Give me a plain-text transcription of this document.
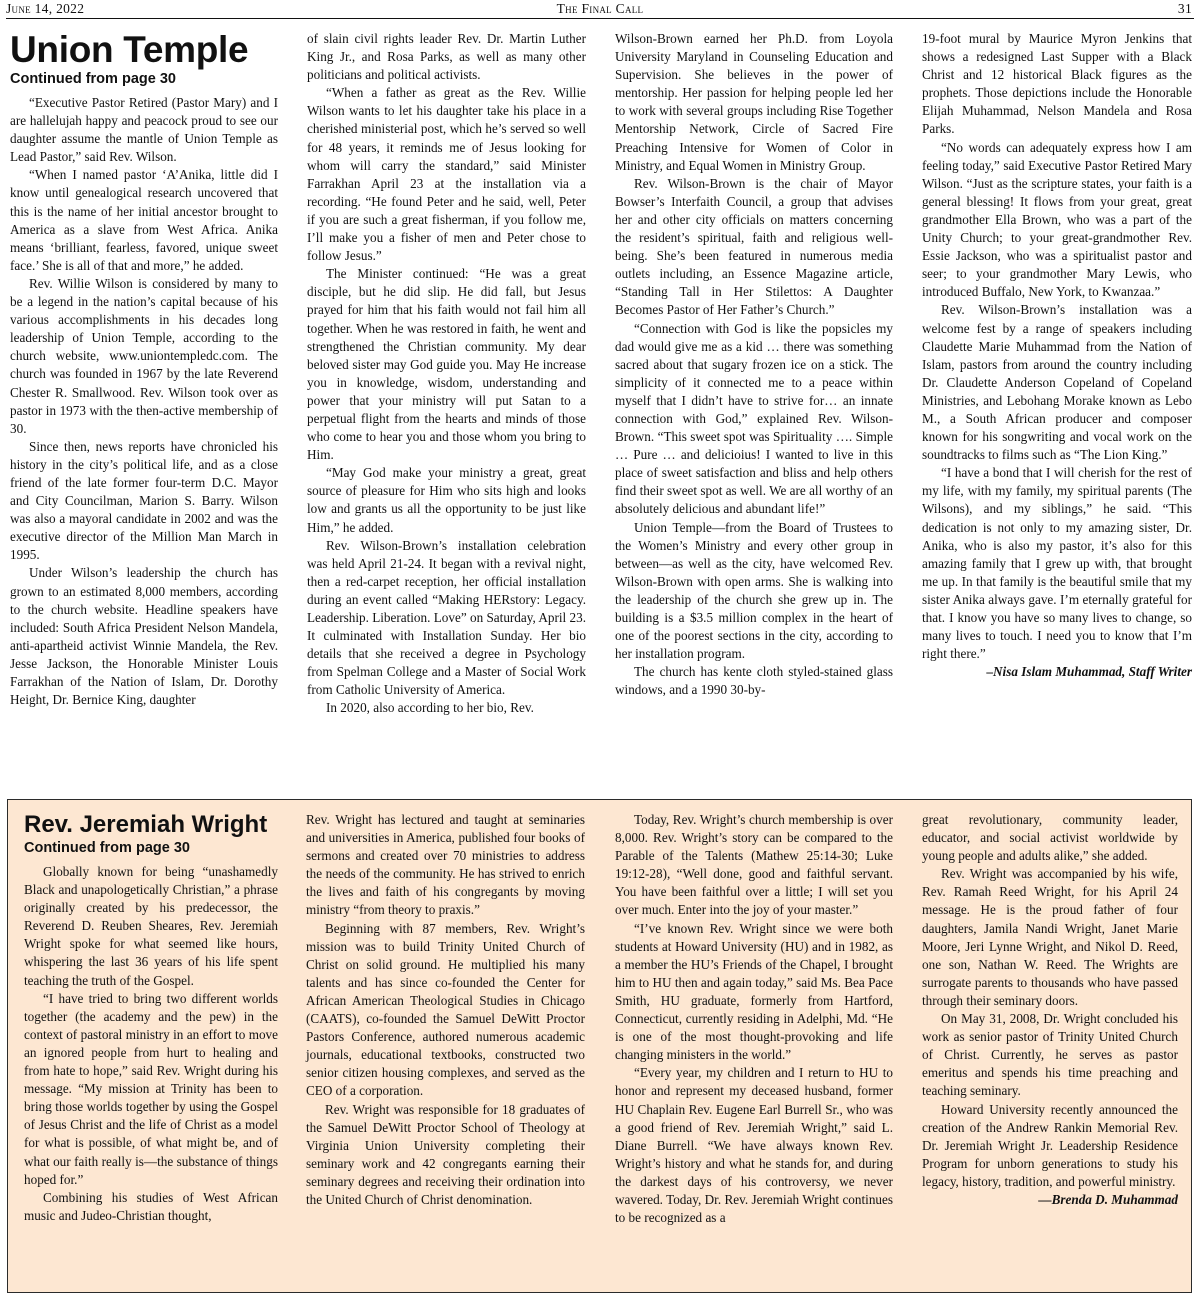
June 14, 2022	The Final Call	31
Union Temple
Continued from page 30

“Executive Pastor Retired (Pastor Mary) and I are hallelujah happy and peacock proud to see our daughter assume the mantle of Union Temple as Lead Pastor,” said Rev. Wilson.

“When I named pastor ‘A’Anika, little did I know until genealogical research uncovered that this is the name of her initial ancestor brought to America as a slave from West Africa. Anika means ‘brilliant, fearless, favored, unique sweet face.’ She is all of that and more,” he added.

Rev. Willie Wilson is considered by many to be a legend in the nation’s capital because of his various accomplishments in his decades long leadership of Union Temple, according to the church website, www.uniontempledc.com. The church was founded in 1967 by the late Reverend Chester R. Smallwood. Rev. Wilson took over as pastor in 1973 with the then-active membership of 30.

Since then, news reports have chronicled his history in the city’s political life, and as a close friend of the late former four-term D.C. Mayor and City Councilman, Marion S. Barry. Wilson was also a mayoral candidate in 2002 and was the executive director of the Million Man March in 1995.

Under Wilson’s leadership the church has grown to an estimated 8,000 members, according to the church website. Headline speakers have included: South Africa President Nelson Mandela, anti-apartheid activist Winnie Mandela, the Rev. Jesse Jackson, the Honorable Minister Louis Farrakhan of the Nation of Islam, Dr. Dorothy Height, Dr. Bernice King, daughter

of slain civil rights leader Rev. Dr. Martin Luther King Jr., and Rosa Parks, as well as many other politicians and political activists.

“When a father as great as the Rev. Willie Wilson wants to let his daughter take his place in a cherished ministerial post, which he’s served so well for 48 years, it reminds me of Jesus looking for whom will carry the standard,” said Minister Farrakhan April 23 at the installation via a recording. “He found Peter and he said, well, Peter if you are such a great fisherman, if you follow me, I’ll make you a fisher of men and Peter chose to follow Jesus.”

The Minister continued: “He was a great disciple, but he did slip. He did fall, but Jesus prayed for him that his faith would not fail him all together. When he was restored in faith, he went and strengthened the Christian community. My dear beloved sister may God guide you. May He increase you in knowledge, wisdom, understanding and power that your ministry will put Satan to a perpetual flight from the hearts and minds of those who come to hear you and those whom you bring to Him.

“May God make your ministry a great, great source of pleasure for Him who sits high and looks low and grants us all the opportunity to be just like Him,” he added.

Rev. Wilson-Brown’s installation celebration was held April 21-24. It began with a revival night, then a red-carpet reception, her official installation during an event called “Making HERstory: Legacy. Leadership. Liberation. Love” on Saturday, April 23. It culminated with Installation Sunday. Her bio details that she received a degree in Psychology from Spelman College and a Master of Social Work from Catholic University of America.

In 2020, also according to her bio, Rev.

Wilson-Brown earned her Ph.D. from Loyola University Maryland in Counseling Education and Supervision. She believes in the power of mentorship. Her passion for helping people led her to work with several groups including Rise Together Mentorship Network, Circle of Sacred Fire Preaching Intensive for Women of Color in Ministry, and Equal Women in Ministry Group.

Rev. Wilson-Brown is the chair of Mayor Bowser’s Interfaith Council, a group that advises her and other city officials on matters concerning the resident’s spiritual, faith and religious well-being. She’s been featured in numerous media outlets including, an Essence Magazine article, “Standing Tall in Her Stilettos: A Daughter Becomes Pastor of Her Father’s Church.”

“Connection with God is like the popsicles my dad would give me as a kid … there was something sacred about that sugary frozen ice on a stick. The simplicity of it connected me to a peace within myself that I didn’t have to strive for… an innate connection with God,” explained Rev. Wilson-Brown. “This sweet spot was Spirituality …. Simple … Pure … and delicioius! I wanted to live in this place of sweet satisfaction and bliss and help others find their sweet spot as well. We are all worthy of an absolutely delicious and abundant life!”

Union Temple—from the Board of Trustees to the Women’s Ministry and every other group in between—as well as the city, have welcomed Rev. Wilson-Brown with open arms. She is walking into the leadership of the church she grew up in. The building is a $3.5 million complex in the heart of one of the poorest sections in the city, according to her installation program.

The church has kente cloth styled-stained glass windows, and a 1990 30-by-

19-foot mural by Maurice Myron Jenkins that shows a redesigned Last Supper with a Black Christ and 12 historical Black figures as the prophets. Those depictions include the Honorable Elijah Muhammad, Nelson Mandela and Rosa Parks.

“No words can adequately express how I am feeling today,” said Executive Pastor Retired Mary Wilson. “Just as the scripture states, your faith is a general blessing! It flows from your great, great grandmother Ella Brown, who was a part of the Unity Church; to your great-grandmother Rev. Essie Jackson, who was a spiritualist pastor and seer; to your grandmother Mary Lewis, who introduced Buffalo, New York, to Kwanzaa.”

Rev. Wilson-Brown’s installation was a welcome fest by a range of speakers including Claudette Marie Muhammad from the Nation of Islam, pastors from around the country including Dr. Claudette Anderson Copeland of Copeland Ministries, and Lebohang Morake known as Lebo M., a South African producer and composer known for his songwriting and vocal work on the soundtracks to films such as “The Lion King.”

“I have a bond that I will cherish for the rest of my life, with my family, my spiritual parents (The Wilsons), and my siblings,” he said. “This dedication is not only to my amazing sister, Dr. Anika, who is also my pastor, it’s also for this amazing family that I grew up with, that brought me up. In that family is the beautiful smile that my sister Anika always gave. I’m eternally grateful for that. I know you have so many lives to change, so many lives to touch. I need you to know that I’m right there.”

–Nisa Islam Muhammad, Staff Writer

Rev. Jeremiah Wright
Continued from page 30

Globally known for being “unashamedly Black and unapologetically Christian,” a phrase originally created by his predecessor, the Reverend D. Reuben Sheares, Rev. Jeremiah Wright spoke for what seemed like hours, whispering the last 36 years of his life spent teaching the truth of the Gospel.

“I have tried to bring two different worlds together (the academy and the pew) in the context of pastoral ministry in an effort to move an ignored people from hurt to healing and from hate to hope,” said Rev. Wright during his message. “My mission at Trinity has been to bring those worlds together by using the Gospel of Jesus Christ and the life of Christ as a model for what is possible, of what might be, and of what our faith really is—the substance of things hoped for.”

Combining his studies of West African music and Judeo-Christian thought,

Rev. Wright has lectured and taught at seminaries and universities in America, published four books of sermons and created over 70 ministries to address the needs of the community. He has strived to enrich the lives and faith of his congregants by moving ministry “from theory to praxis.”

Beginning with 87 members, Rev. Wright’s mission was to build Trinity United Church of Christ on solid ground. He multiplied his many talents and has since co-founded the Center for African American Theological Studies in Chicago (CAATS), co-founded the Samuel DeWitt Proctor Pastors Conference, authored numerous academic journals, educational textbooks, constructed two senior citizen housing complexes, and served as the CEO of a corporation.

Rev. Wright was responsible for 18 graduates of the Samuel DeWitt Proctor School of Theology at Virginia Union University completing their seminary work and 42 congregants earning their seminary degrees and receiving their ordination into the United Church of Christ denomination.

Today, Rev. Wright’s church membership is over 8,000. Rev. Wright’s story can be compared to the Parable of the Talents (Mathew 25:14-30; Luke 19:12-28), “Well done, good and faithful servant. You have been faithful over a little; I will set you over much. Enter into the joy of your master.”

“I’ve known Rev. Wright since we were both students at Howard University (HU) and in 1982, as a member the HU’s Friends of the Chapel, I brought him to HU then and again today,” said Ms. Bea Pace Smith, HU graduate, formerly from Hartford, Connecticut, currently residing in Adelphi, Md. “He is one of the most thought-provoking and life changing ministers in the world.”

“Every year, my children and I return to HU to honor and represent my deceased husband, former HU Chaplain Rev. Eugene Earl Burrell Sr., who was a good friend of Rev. Jeremiah Wright,” said L. Diane Burrell. “We have always known Rev. Wright’s history and what he stands for, and during the darkest days of his controversy, we never wavered. Today, Dr. Rev. Jeremiah Wright continues to be recognized as a

great revolutionary, community leader, educator, and social activist worldwide by young people and adults alike,” she added.

Rev. Wright was accompanied by his wife, Rev. Ramah Reed Wright, for his April 24 message. He is the proud father of four daughters, Jamila Nandi Wright, Janet Marie Moore, Jeri Lynne Wright, and Nikol D. Reed, one son, Nathan W. Reed. The Wrights are surrogate parents to thousands who have passed through their seminary doors.

On May 31, 2008, Dr. Wright concluded his work as senior pastor of Trinity United Church of Christ. Currently, he serves as pastor emeritus and spends his time preaching and teaching seminary.

Howard University recently announced the creation of the Andrew Rankin Memorial Rev. Dr. Jeremiah Wright Jr. Leadership Residence Program for unborn generations to study his legacy, history, tradition, and powerful ministry.

—Brenda D. Muhammad
